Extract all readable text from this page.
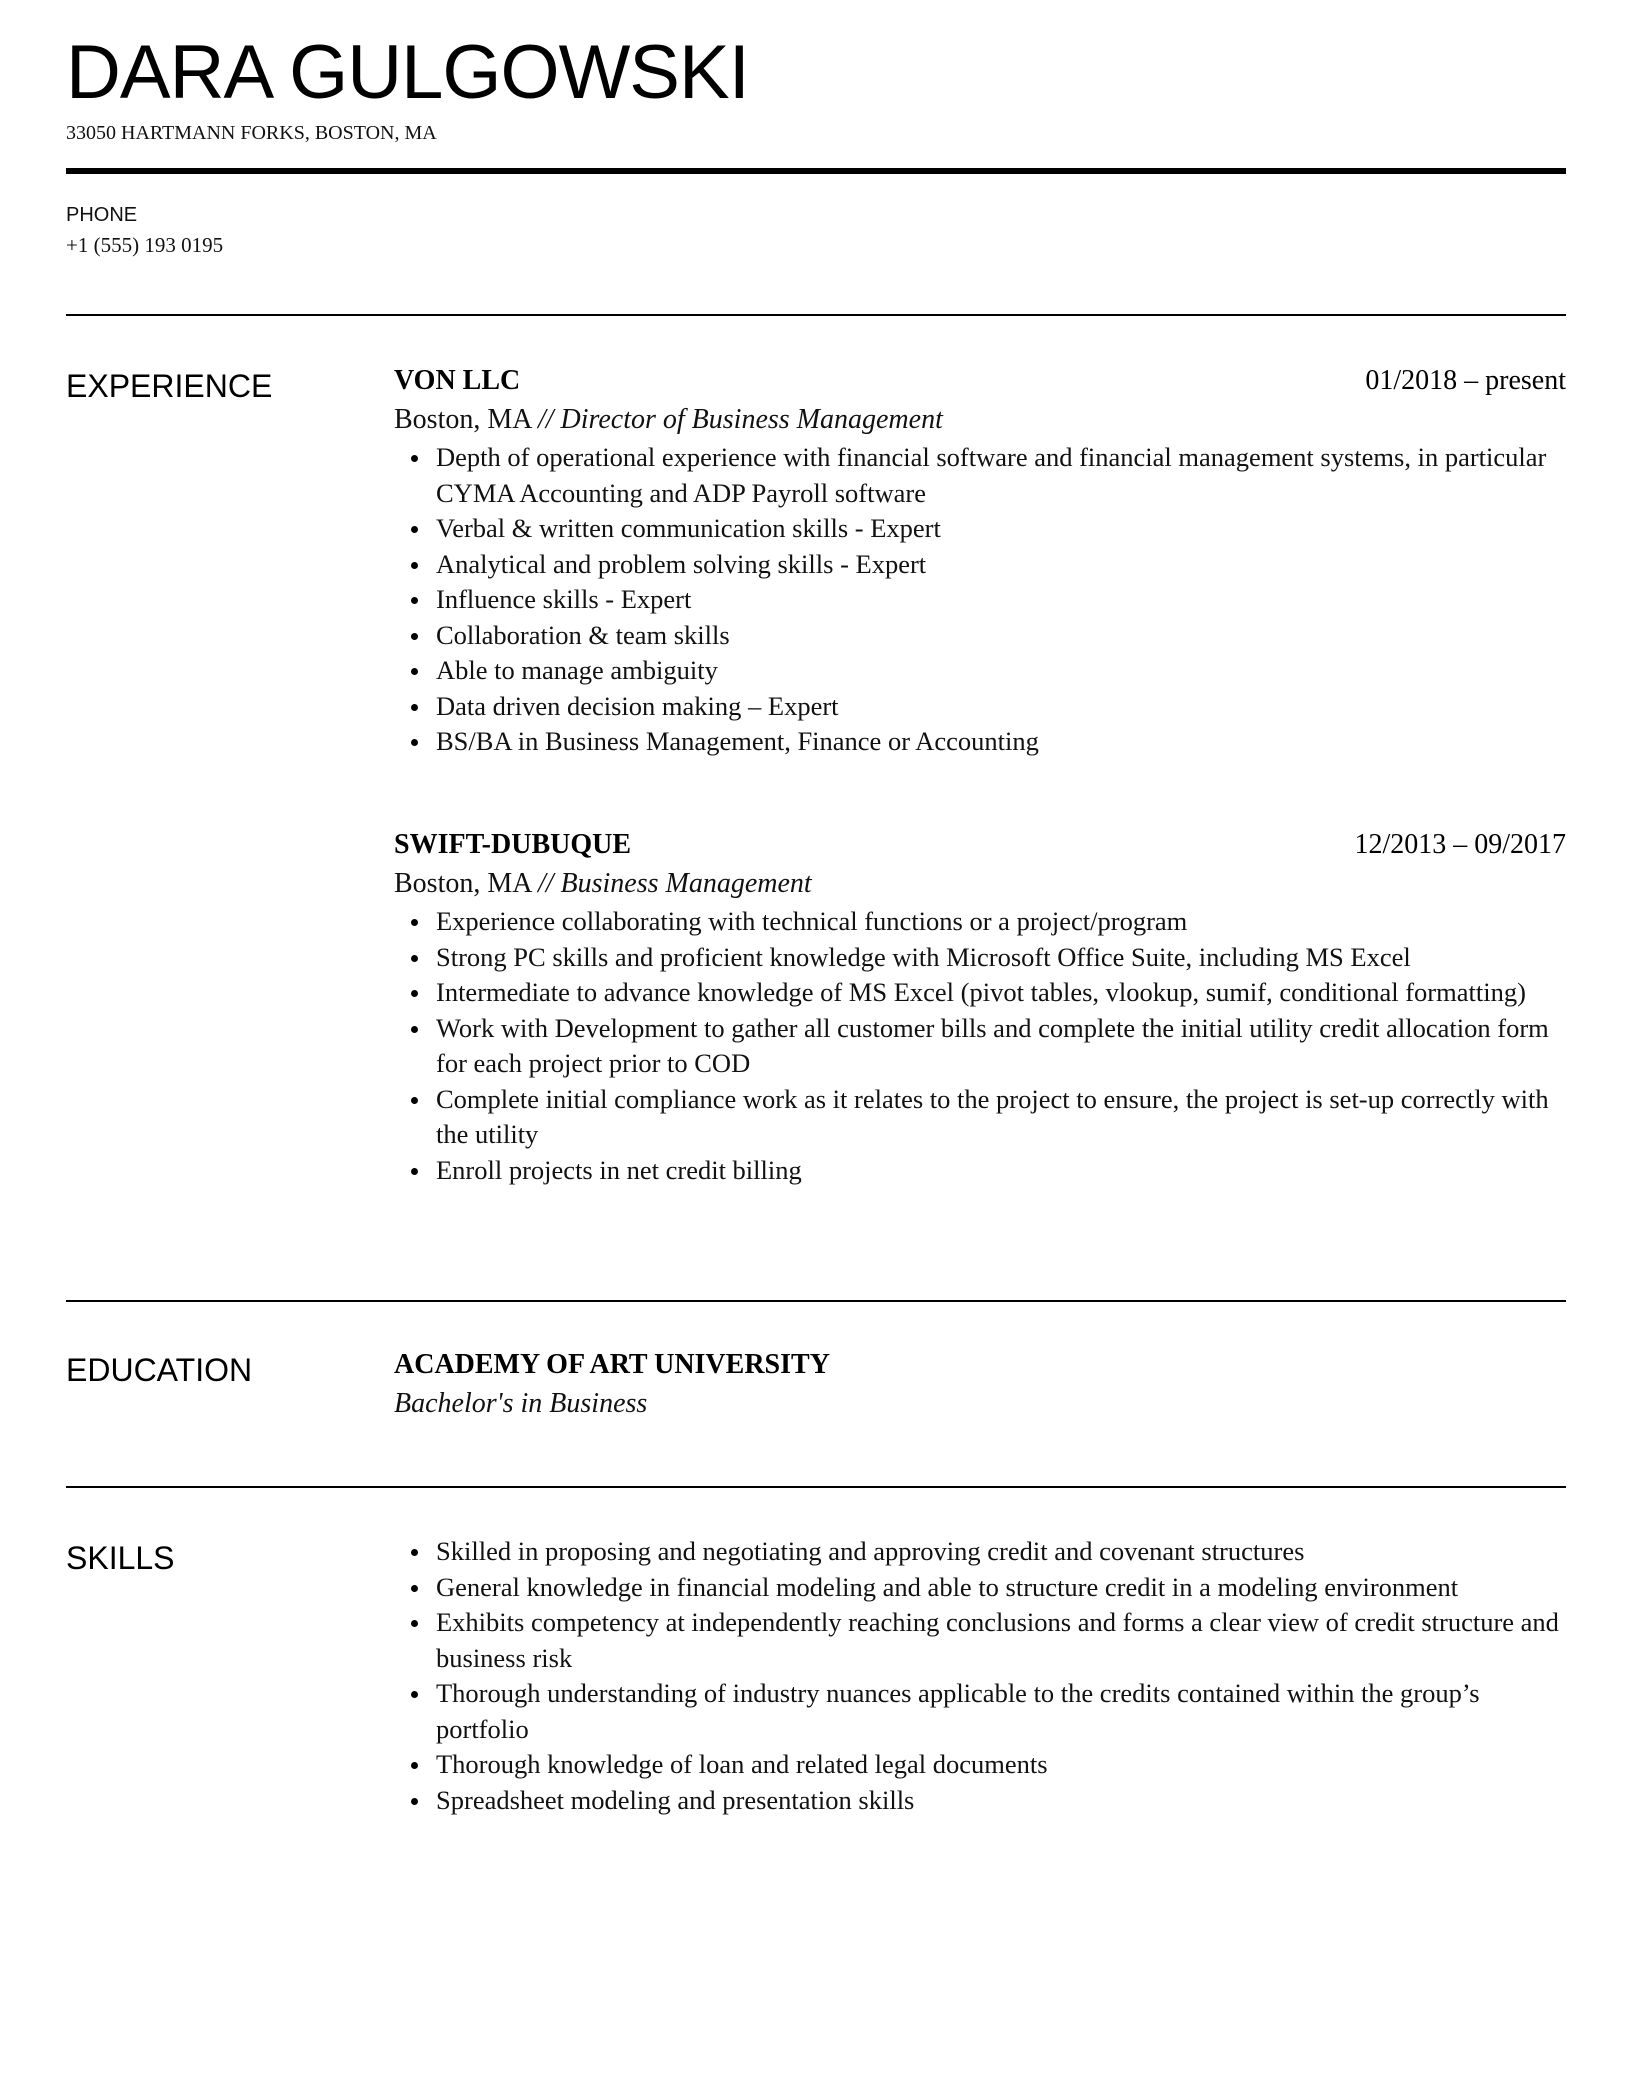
DARA GULGOWSKI
33050 HARTMANN FORKS, BOSTON, MA
PHONE
+1 (555) 193 0195
EXPERIENCE	VON LLC	01/2018 – present
Boston, MA // Director of Business Management
Depth of operational experience with financial software and financial management systems, in particular CYMA Accounting and ADP Payroll software
Verbal & written communication skills - Expert
Analytical and problem solving skills - Expert
Influence skills - Expert
Collaboration & team skills
Able to manage ambiguity
Data driven decision making – Expert
BS/BA in Business Management, Finance or Accounting
SWIFT-DUBUQUE	12/2013 – 09/2017
Boston, MA // Business Management
Experience collaborating with technical functions or a project/program
Strong PC skills and proficient knowledge with Microsoft Office Suite, including MS Excel
Intermediate to advance knowledge of MS Excel (pivot tables, vlookup, sumif, conditional formatting)
Work with Development to gather all customer bills and complete the initial utility credit allocation form for each project prior to COD
Complete initial compliance work as it relates to the project to ensure, the project is set-up correctly with the utility
Enroll projects in net credit billing
EDUCATION	ACADEMY OF ART UNIVERSITY
Bachelor's in Business
SKILLS	Skilled in proposing and negotiating and approving credit and covenant structures
General knowledge in financial modeling and able to structure credit in a modeling environment
Exhibits competency at independently reaching conclusions and forms a clear view of credit structure and business risk
Thorough understanding of industry nuances applicable to the credits contained within the group’s portfolio
Thorough knowledge of loan and related legal documents
Spreadsheet modeling and presentation skills
